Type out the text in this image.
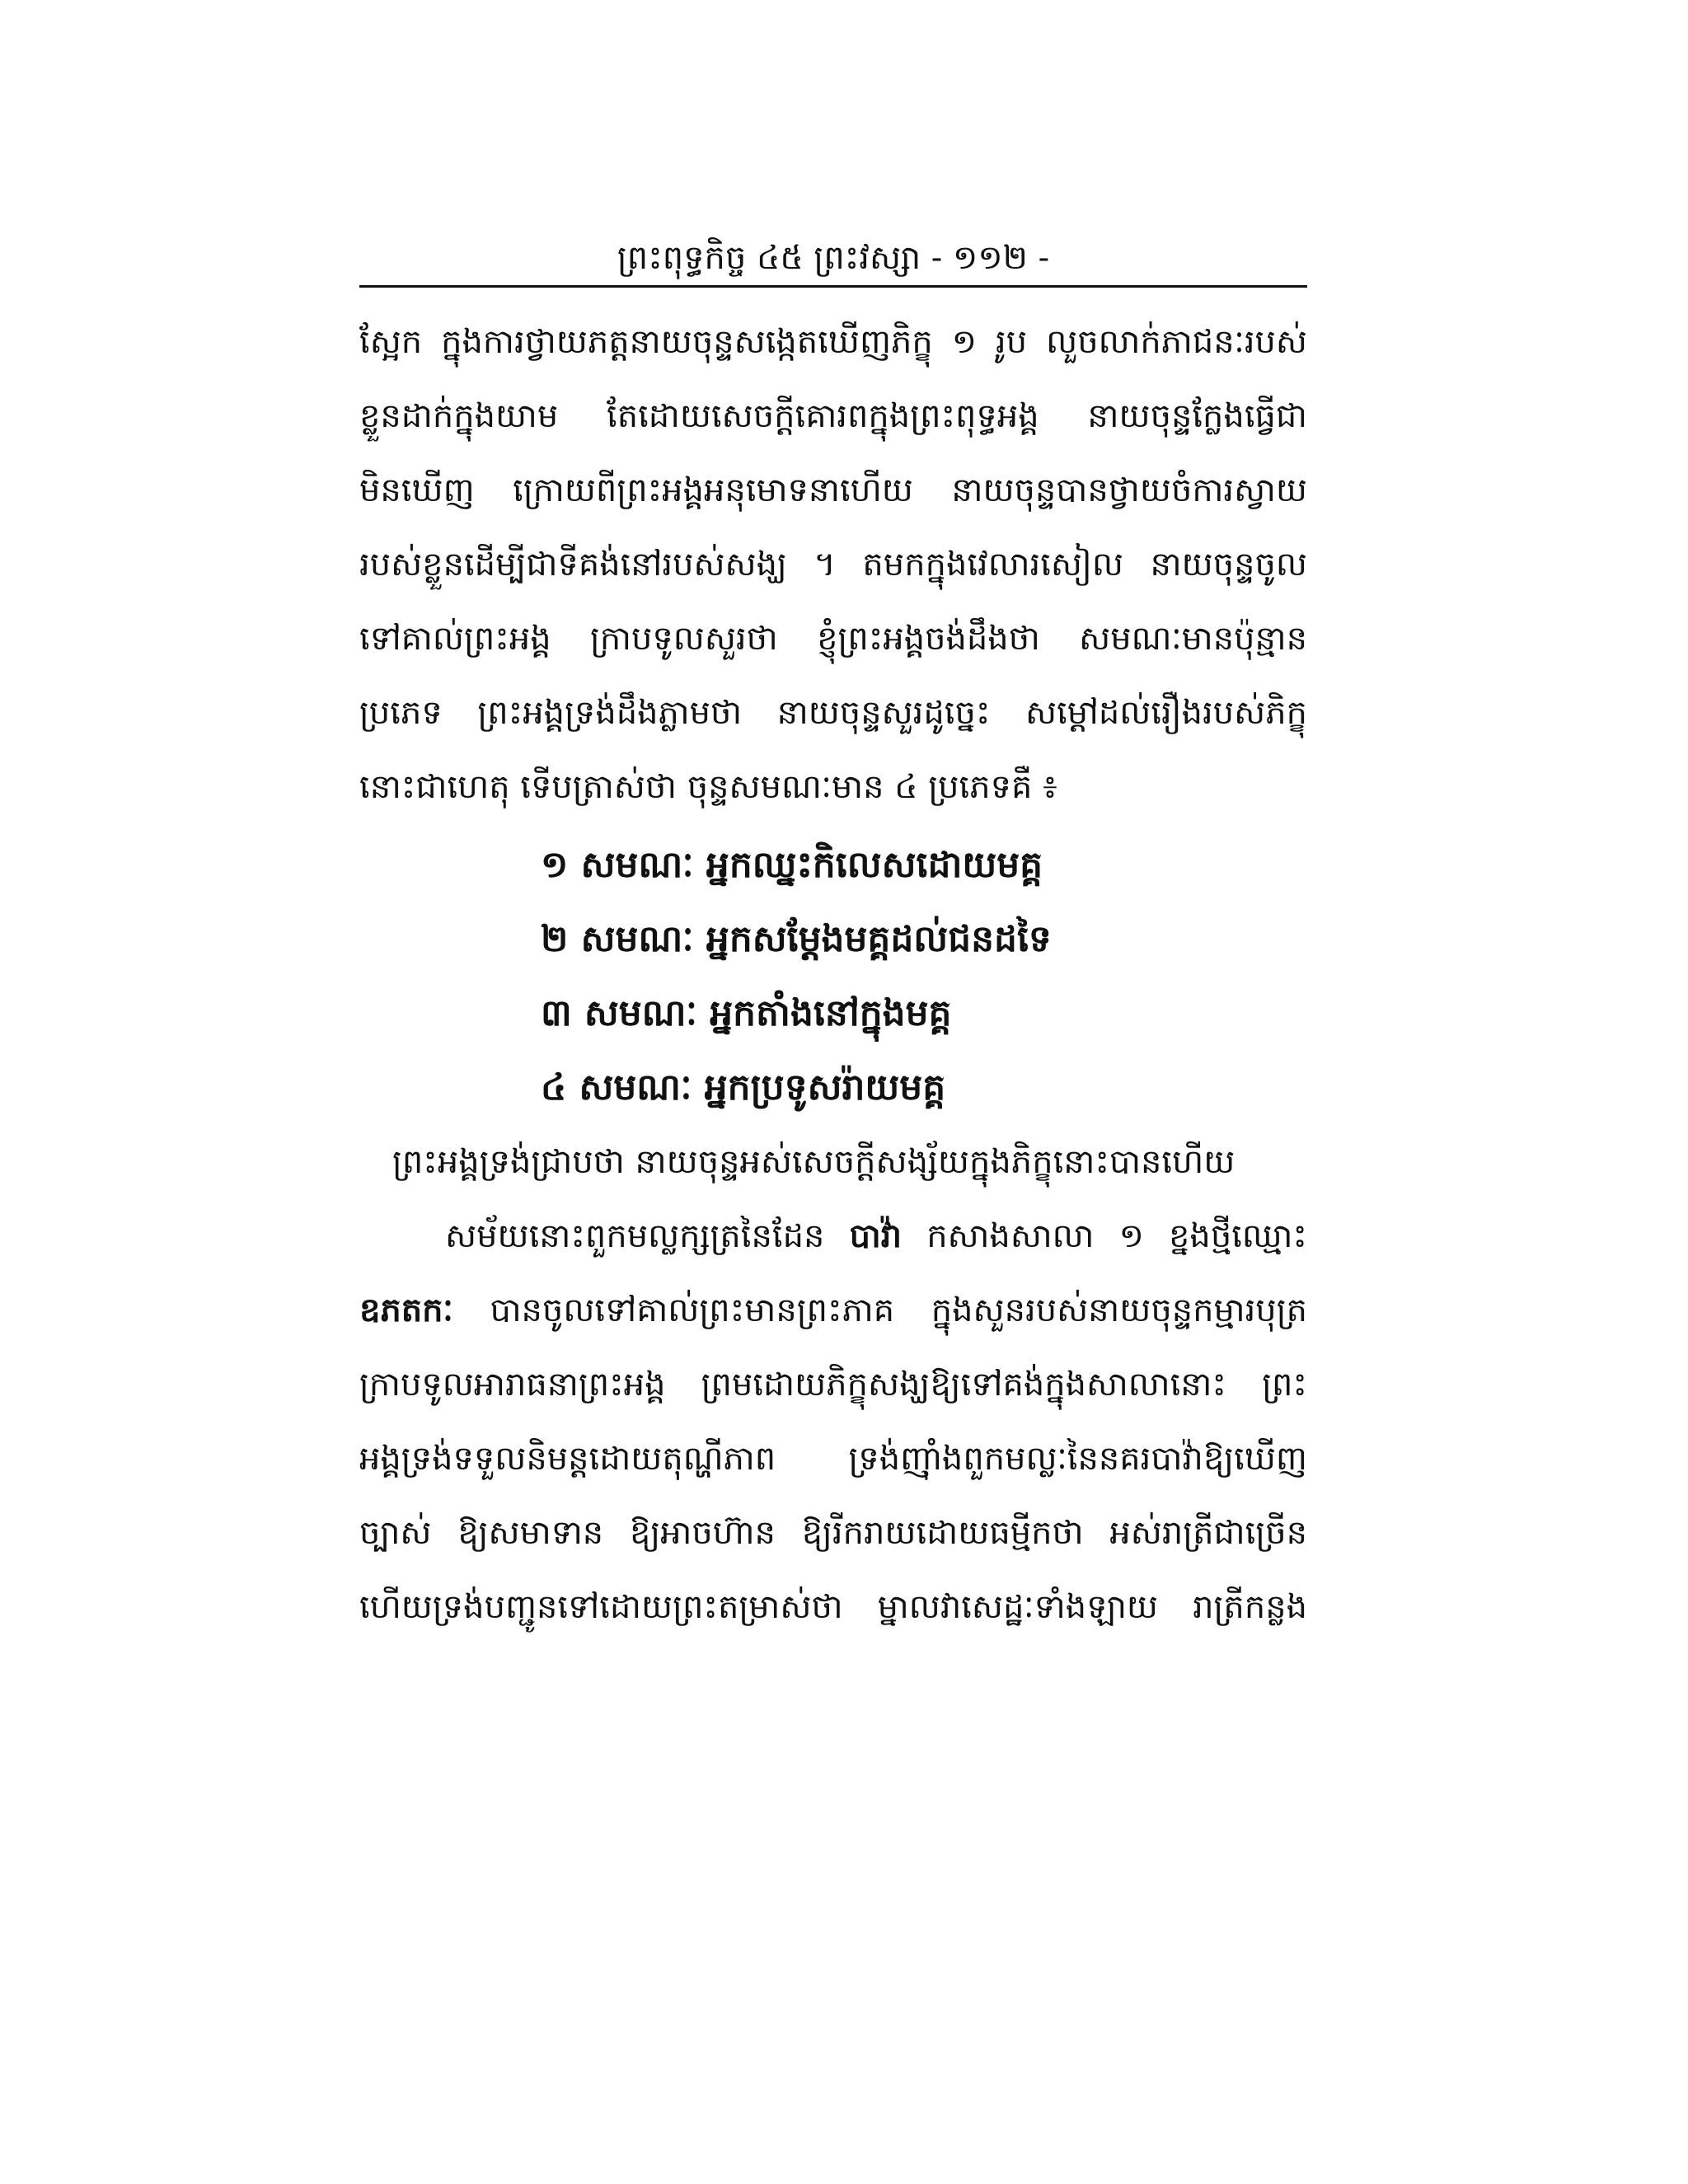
ព្រះពុទ្ធកិច្ច ៤៥ ព្រះវស្សា - ១១២ -
ស្អែក ក្នុងការថ្វាយភត្តនាយចុន្ទសង្កេតឃើញភិក្ខុ ១ រូប លួចលាក់ភាជនៈរបស់
ខ្លួនដាក់ក្នុងយាម តែដោយសេចក្ដីគោរពក្នុងព្រះពុទ្ធអង្គ នាយចុន្ទក្លែងធ្វើជា
មិនឃើញ ក្រោយពីព្រះអង្គអនុមោទនាហើយ នាយចុន្ទបានថ្វាយចំការស្វាយ
របស់ខ្លួនដើម្បីជាទីគង់នៅរបស់សង្ឃ ។ តមកក្នុងវេលារសៀល នាយចុន្ទចូល
ទៅគាល់ព្រះអង្គ ក្រាបទូលសួរថា ខ្ញុំព្រះអង្គចង់ដឹងថា សមណៈមានប៉ុន្មាន
ប្រភេទ ព្រះអង្គទ្រង់ដឹងភ្លាមថា នាយចុន្ទសួរដូច្នេះ សម្ដៅដល់រឿងរបស់ភិក្ខុ
នោះជាហេតុ ទើបត្រាស់ថា ចុន្ទសមណៈមាន ៤ ប្រភេទគឺ ៖
១ សមណៈ អ្នកឈ្នះកិលេសដោយមគ្គ
២ សមណៈ អ្នកសម្ដែងមគ្គដល់ជនដទៃ
៣ សមណៈ អ្នកតាំងនៅក្នុងមគ្គ
៤ សមណៈ អ្នកប្រទូសរ៉ាយមគ្គ
ព្រះអង្គទ្រង់ជ្រាបថា នាយចុន្ទអស់សេចក្ដីសង្ស័យក្នុងភិក្ខុនោះបានហើយ
សម័យនោះពួកមល្លក្សត្រនៃដែន បាវ៉ា កសាងសាលា ១ ខ្នងថ្មីឈ្មោះ
ឧភតកៈ បានចូលទៅគាល់ព្រះមានព្រះភាគ ក្នុងសួនរបស់នាយចុន្ទកម្មារបុត្រ
ក្រាបទូលអារាធនាព្រះអង្គ ព្រមដោយភិក្ខុសង្ឃឱ្យទៅគង់ក្នុងសាលានោះ ព្រះ
អង្គទ្រង់ទទួលនិមន្តដោយតុណ្ហីភាព ទ្រង់ញ៉ាំងពួកមល្លៈនៃនគរបាវ៉ាឱ្យឃើញ
ច្បាស់ ឱ្យសមាទាន ឱ្យអាចហ៊ាន ឱ្យរីករាយដោយធម្មីកថា អស់រាត្រីជាច្រើន
ហើយទ្រង់បញ្ជូនទៅដោយព្រះតម្រាស់ថា ម្នាលវាសេដ្ឋៈទាំងឡាយ រាត្រីកន្លង
